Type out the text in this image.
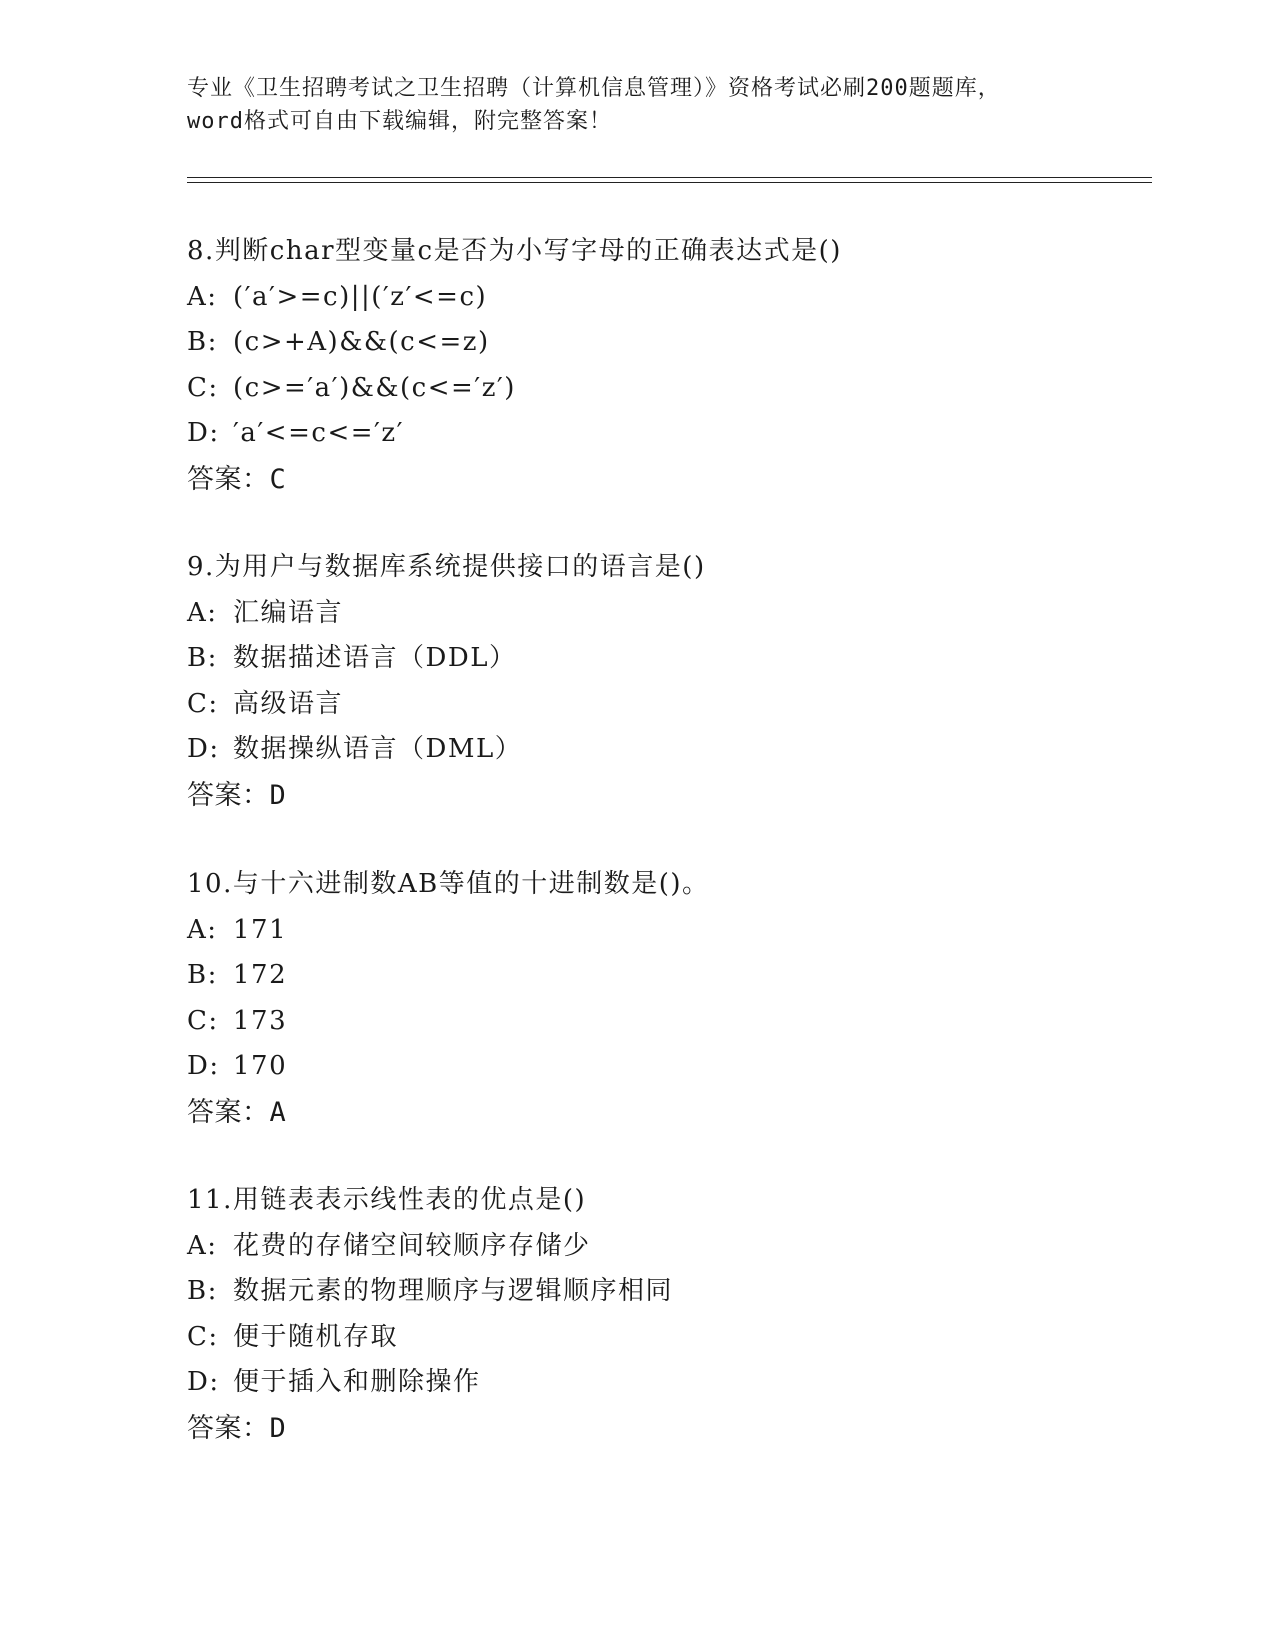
专业《卫生招聘考试之卫生招聘（计算机信息管理）》资格考试必刷200题题库，
word格式可自由下载编辑，附完整答案！
8.判断char型变量c是否为小写字母的正确表达式是()
A: (′a′>=c)||(′z′<=c)
B: (c>+A)&&(c<=z)
C: (c>=′a′)&&(c<=′z′)
D: ′a′<=c<=′z′
答案：C
9.为用户与数据库系统提供接口的语言是()
A: 汇编语言
B: 数据描述语言（DDL）
C: 高级语言
D: 数据操纵语言（DML）
答案：D
10.与十六进制数AB等值的十进制数是()。
A: 171
B: 172
C: 173
D: 170
答案：A
11.用链表表示线性表的优点是()
A: 花费的存储空间较顺序存储少
B: 数据元素的物理顺序与逻辑顺序相同
C: 便于随机存取
D: 便于插入和删除操作
答案：D
